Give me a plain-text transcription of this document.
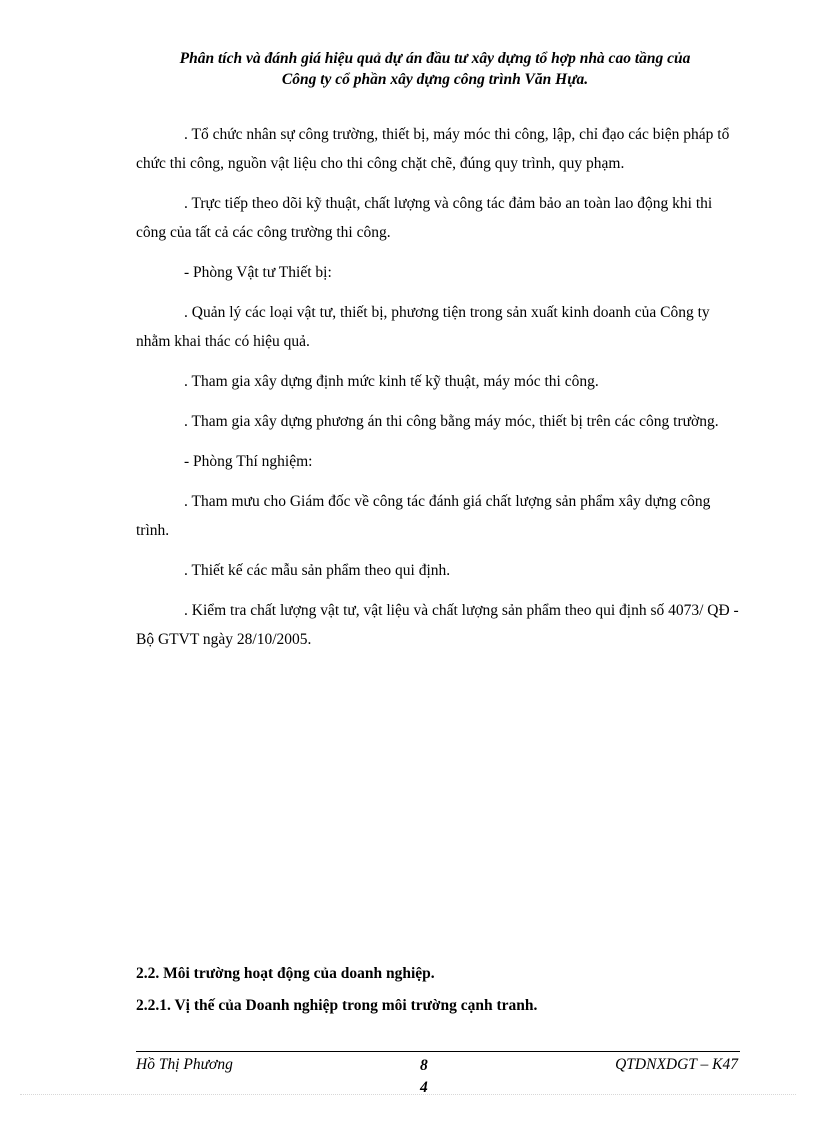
Phân tích và đánh giá hiệu quả dự án đầu tư xây dựng tổ hợp nhà cao tầng của
Công ty cổ phần xây dựng công trình Văn Hựa.

. Tổ chức nhân sự công trường, thiết bị, máy móc thi công, lập, chỉ đạo các biện pháp tổ chức thi công, nguồn vật liệu cho thi công chặt chẽ, đúng quy trình, quy phạm.

. Trực tiếp theo dõi kỹ thuật, chất lượng và công tác đảm bảo an toàn lao động khi thi công của tất cả các công trường thi công.

- Phòng Vật tư Thiết bị:

. Quản lý các loại vật tư, thiết bị, phương tiện trong sản xuất kinh doanh của Công ty nhằm khai thác có hiệu quả.

. Tham gia xây dựng định mức kinh tế kỹ thuật, máy móc thi công.

. Tham gia xây dựng phương án thi công bằng máy móc, thiết bị trên các công trường.

- Phòng Thí nghiệm:

. Tham mưu cho Giám đốc về công tác đánh giá chất lượng sản phẩm xây dựng công trình.

. Thiết kế các mẫu sản phẩm theo qui định.

. Kiểm tra chất lượng vật tư, vật liệu và chất lượng sản phẩm theo qui định số 4073/ QĐ - Bộ GTVT ngày 28/10/2005.

2.2. Môi trường hoạt động của doanh nghiệp.
2.2.1. Vị thế của Doanh nghiệp trong môi trường cạnh tranh.
Hồ Thị Phương	8
4
QTDNXDGT – K47
